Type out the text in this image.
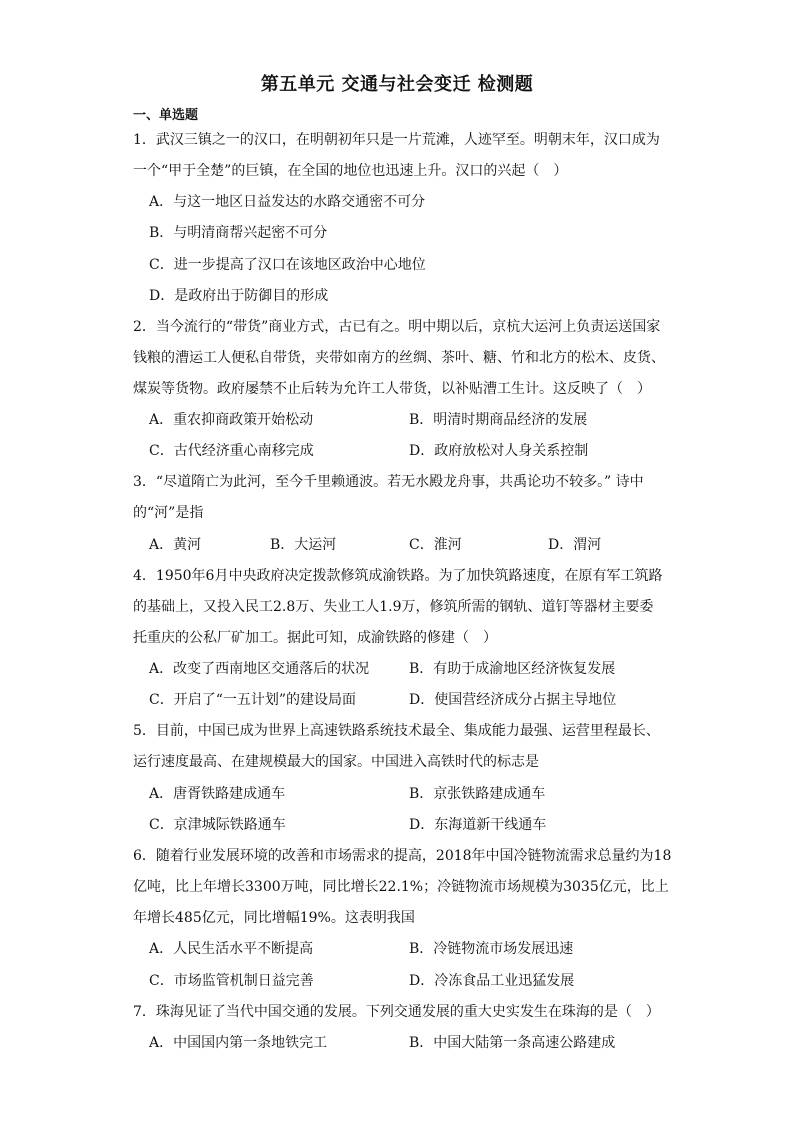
第五单元 交通与社会变迁 检测题
一、单选题
1．武汉三镇之一的汉口，在明朝初年只是一片荒滩，人迹罕至。明朝末年，汉口成为
一个“甲于全楚”的巨镇，在全国的地位也迅速上升。汉口的兴起（　）
A．与这一地区日益发达的水路交通密不可分
B．与明清商帮兴起密不可分
C．进一步提高了汉口在该地区政治中心地位
D．是政府出于防御目的形成
2．当今流行的“带货”商业方式，古已有之。明中期以后，京杭大运河上负责运送国家
钱粮的漕运工人便私自带货，夹带如南方的丝绸、茶叶、糖、竹和北方的松木、皮货、
煤炭等货物。政府屡禁不止后转为允许工人带货，以补贴漕工生计。这反映了（　）
A．重农抑商政策开始松动	B．明清时期商品经济的发展
C．古代经济重心南移完成	D．政府放松对人身关系控制
3．“尽道隋亡为此河，至今千里赖通波。若无水殿龙舟事，共禹论功不较多。” 诗中
的“河”是指
A．黄河	B．大运河	C．淮河	D．渭河
4．1950年6月中央政府决定拨款修筑成渝铁路。为了加快筑路速度，在原有军工筑路
的基础上，又投入民工2.8万、失业工人1.9万，修筑所需的钢轨、道钉等器材主要委
托重庆的公私厂矿加工。据此可知，成渝铁路的修建（　）
A．改变了西南地区交通落后的状况	B．有助于成渝地区经济恢复发展
C．开启了“一五计划”的建设局面	D．使国营经济成分占据主导地位
5．目前，中国已成为世界上高速铁路系统技术最全、集成能力最强、运营里程最长、
运行速度最高、在建规模最大的国家。中国进入高铁时代的标志是
A．唐胥铁路建成通车	B．京张铁路建成通车
C．京津城际铁路通车	D．东海道新干线通车
6．随着行业发展环境的改善和市场需求的提高，2018年中国冷链物流需求总量约为18
亿吨，比上年增长3300万吨，同比增长22.1%；冷链物流市场规模为3035亿元，比上
年增长485亿元，同比增幅19%。这表明我国
A．人民生活水平不断提高	B．冷链物流市场发展迅速
C．市场监管机制日益完善	D．冷冻食品工业迅猛发展
7．珠海见证了当代中国交通的发展。下列交通发展的重大史实发生在珠海的是（　）
A．中国国内第一条地铁完工	B．中国大陆第一条高速公路建成
